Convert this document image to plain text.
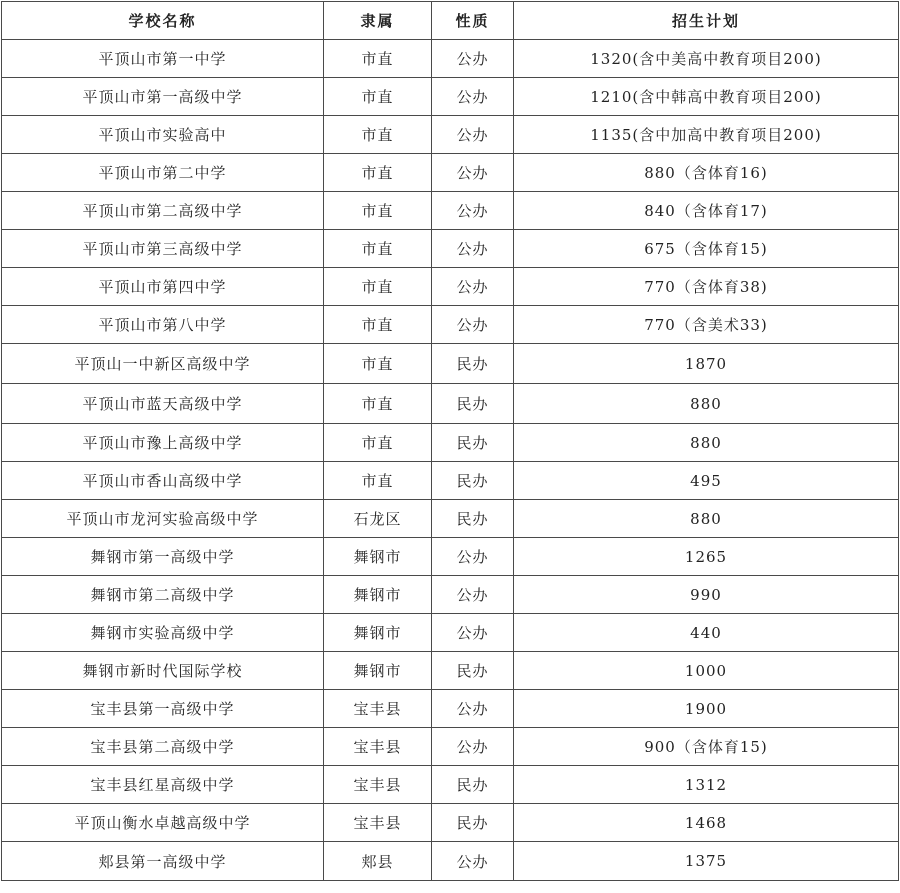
学校名称	隶属	性质	招生计划
平顶山市第一中学	市直	公办	1320(含中美高中教育项目200)
平顶山市第一高级中学	市直	公办	1210(含中韩高中教育项目200)
平顶山市实验高中	市直	公办	1135(含中加高中教育项目200)
平顶山市第二中学	市直	公办	880（含体育16)
平顶山市第二高级中学	市直	公办	840（含体育17)
平顶山市第三高级中学	市直	公办	675（含体育15)
平顶山市第四中学	市直	公办	770（含体育38)
平顶山市第八中学	市直	公办	770（含美术33)
平顶山一中新区高级中学	市直	民办	1870
平顶山市蓝天高级中学	市直	民办	880
平顶山市豫上高级中学	市直	民办	880
平顶山市香山高级中学	市直	民办	495
平顶山市龙河实验高级中学	石龙区	民办	880
舞钢市第一高级中学	舞钢市	公办	1265
舞钢市第二高级中学	舞钢市	公办	990
舞钢市实验高级中学	舞钢市	公办	440
舞钢市新时代国际学校	舞钢市	民办	1000
宝丰县第一高级中学	宝丰县	公办	1900
宝丰县第二高级中学	宝丰县	公办	900（含体育15)
宝丰县红星高级中学	宝丰县	民办	1312
平顶山衡水卓越高级中学	宝丰县	民办	1468
郏县第一高级中学	郏县	公办	1375
